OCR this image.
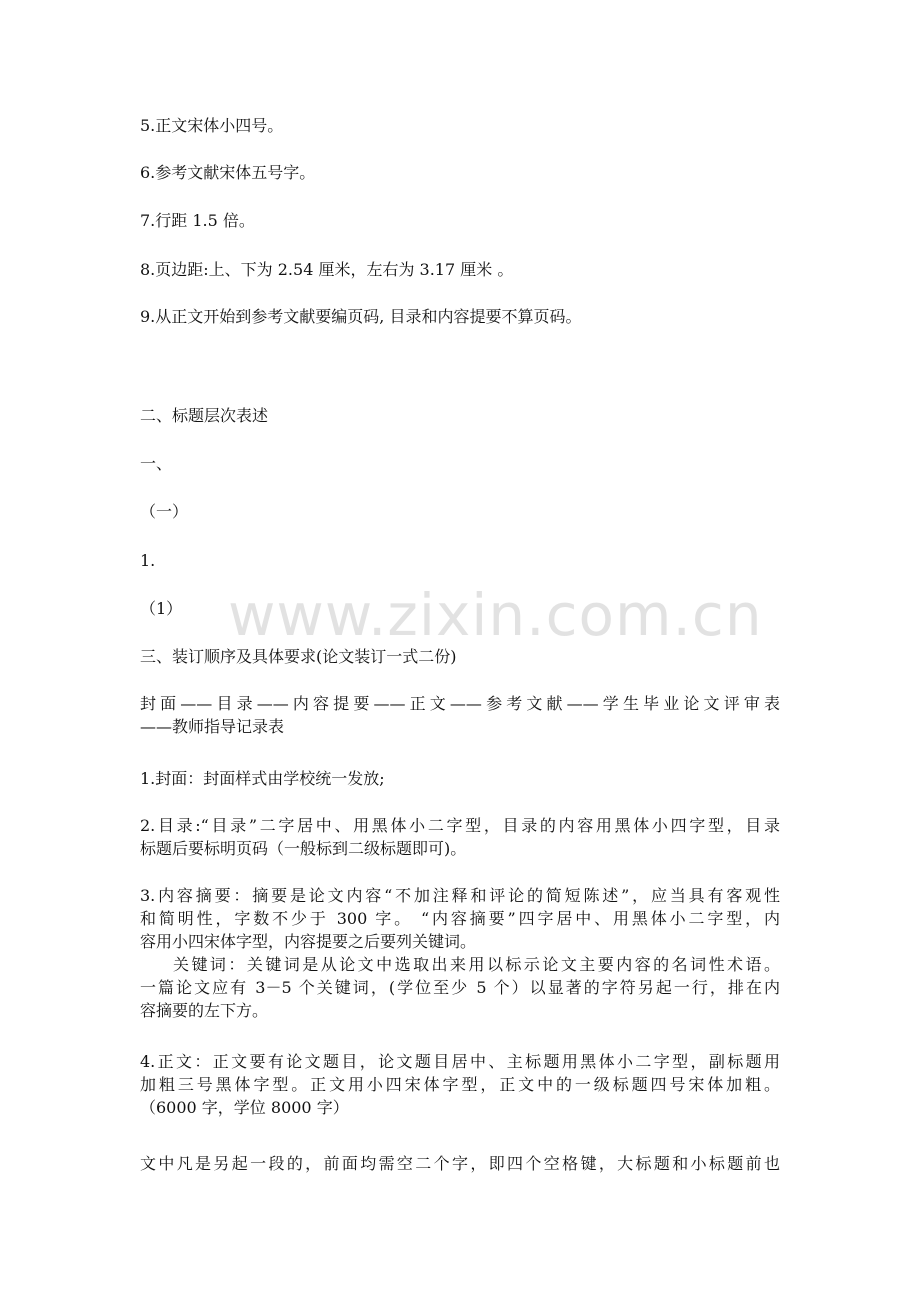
5.正文宋体小四号。
6.参考文献宋体五号字。
7.行距 1.5 倍。
8.页边距:上、下为 2.54 厘米，左右为 3.17 厘米 。
9.从正文开始到参考文献要编页码, 目录和内容提要不算页码。
二、标题层次表述
一、
（一）
1.
（1）
三、装订顺序及具体要求(论文装订一式二份)
封面——目录——内容提要——正文——参考文献——学生毕业论文评审表
——教师指导记录表
1.封面：封面样式由学校统一发放;
2.目录:“目录”二字居中、用黑体小二字型，目录的内容用黑体小四字型，目录
标题后要标明页码（一般标到二级标题即可)。
3.内容摘要：摘要是论文内容“不加注释和评论的简短陈述”，应当具有客观性
和简明性，字数不少于 300 字。 “内容摘要”四字居中、用黑体小二字型，内
容用小四宋体字型，内容提要之后要列关键词。
关键词：关键词是从论文中选取出来用以标示论文主要内容的名词性术语。
一篇论文应有 3－5 个关键词，(学位至少 5 个）以显著的字符另起一行，排在内
容摘要的左下方。
4.正文：正文要有论文题目，论文题目居中、主标题用黑体小二字型，副标题用
加粗三号黑体字型。正文用小四宋体字型，正文中的一级标题四号宋体加粗。
（6000 字，学位 8000 字）
文中凡是另起一段的，前面均需空二个字，即四个空格键，大标题和小标题前也
www.zixin.com.cn
